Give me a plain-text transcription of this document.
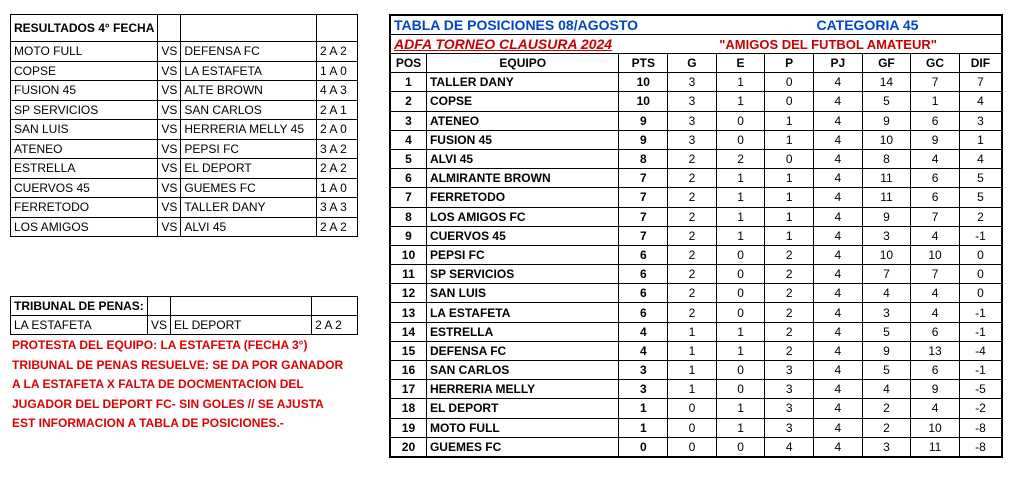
RESULTADOS 4° FECHA			
MOTO FULL	VS	DEFENSA FC	2 A 2
COPSE	VS	LA ESTAFETA	1 A 0
FUSION 45	VS	ALTE BROWN	4 A 3
SP SERVICIOS	VS	SAN CARLOS	2 A 1
SAN LUIS	VS	HERRERIA MELLY 45	2 A 0
ATENEO	VS	PEPSI FC	3 A 2
ESTRELLA	VS	EL DEPORT	2 A 2
CUERVOS 45	VS	GUEMES FC	1 A 0
FERRETODO	VS	TALLER DANY	3 A 3
LOS AMIGOS	VS	ALVI 45	2 A 2
TRIBUNAL DE PENAS:			
LA ESTAFETA	VS	EL DEPORT	2 A 2
PROTESTA DEL EQUIPO: LA ESTAFETA (FECHA 3°)
TRIBUNAL DE PENAS RESUELVE: SE DA POR GANADOR
A LA ESTAFETA X FALTA DE DOCMENTACION DEL
JUGADOR DEL DEPORT FC- SIN GOLES // SE AJUSTA
EST INFORMACION A TABLA DE POSICIONES.-
TABLA DE POSICIONES 08/AGOSTO						CATEGORIA 45			
ADFA TORNEO CLAUSURA 2024				"AMIGOS DEL FUTBOL AMATEUR"					
POS	EQUIPO	PTS	G	E	P	PJ	GF	GC	DIF
1	TALLER DANY	10	3	1	0	4	14	7	7
2	COPSE	10	3	1	0	4	5	1	4
3	ATENEO	9	3	0	1	4	9	6	3
4	FUSION 45	9	3	0	1	4	10	9	1
5	ALVI 45	8	2	2	0	4	8	4	4
6	ALMIRANTE BROWN	7	2	1	1	4	11	6	5
7	FERRETODO	7	2	1	1	4	11	6	5
8	LOS AMIGOS FC	7	2	1	1	4	9	7	2
9	CUERVOS 45	7	2	1	1	4	3	4	-1
10	PEPSI FC	6	2	0	2	4	10	10	0
11	SP SERVICIOS	6	2	0	2	4	7	7	0
12	SAN LUIS	6	2	0	2	4	4	4	0
13	LA ESTAFETA	6	2	0	2	4	3	4	-1
14	ESTRELLA	4	1	1	2	4	5	6	-1
15	DEFENSA FC	4	1	1	2	4	9	13	-4
16	SAN CARLOS	3	1	0	3	4	5	6	-1
17	HERRERIA MELLY	3	1	0	3	4	4	9	-5
18	EL DEPORT	1	0	1	3	4	2	4	-2
19	MOTO FULL	1	0	1	3	4	2	10	-8
20	GUEMES FC	0	0	0	4	4	3	11	-8
